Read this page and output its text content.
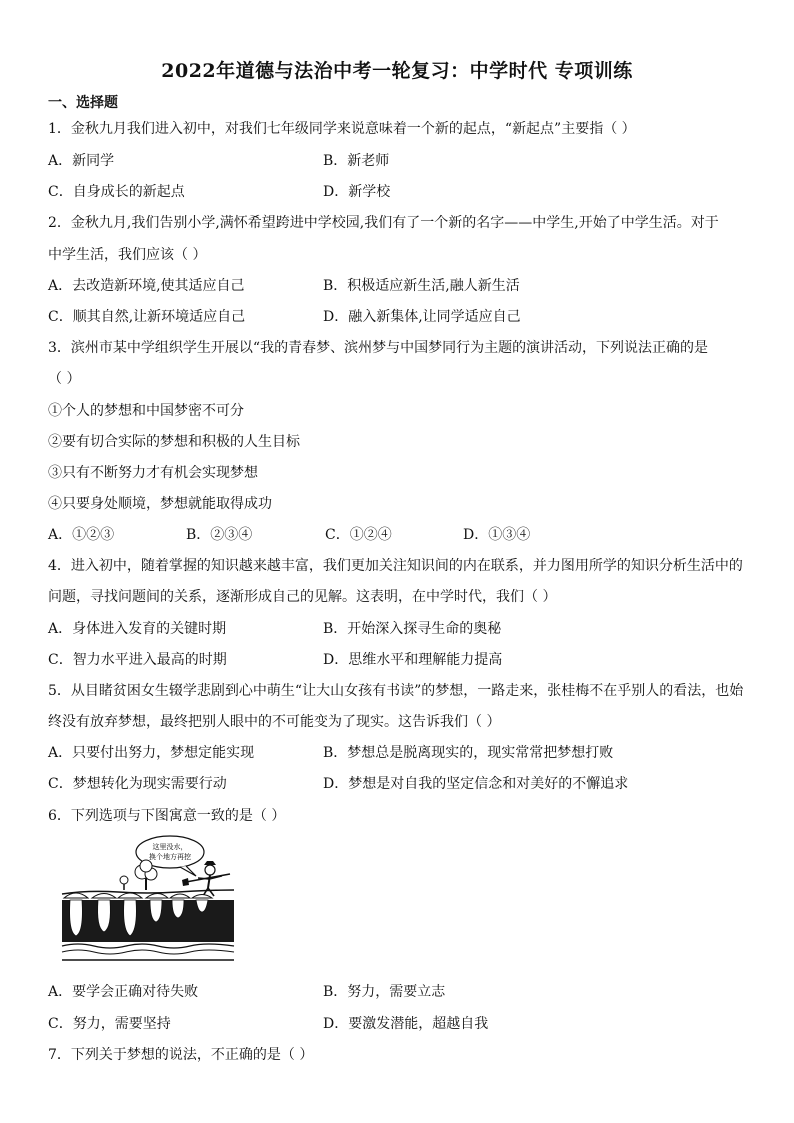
2022年道德与法治中考一轮复习：中学时代 专项训练
一、选择题
1．金秋九月我们进入初中，对我们七年级同学来说意味着一个新的起点，“新起点”主要指（ ）
A．新同学	B．新老师
C．自身成长的新起点	D．新学校
2．金秋九月,我们告别小学,满怀希望跨进中学校园,我们有了一个新的名字——中学生,开始了中学生活。对于
中学生活，我们应该（ ）
A．去改造新环境,使其适应自己	B．积极适应新生活,融人新生活
C．顺其自然,让新环境适应自己	D．融入新集体,让同学适应自己
3．滨州市某中学组织学生开展以“我的青春梦、滨州梦与中国梦同行为主题的演讲活动，下列说法正确的是
（ ）
①个人的梦想和中国梦密不可分
②要有切合实际的梦想和积极的人生目标
③只有不断努力才有机会实现梦想
④只要身处顺境，梦想就能取得成功
A．①②③	B．②③④	C．①②④	D．①③④
4．进入初中，随着掌握的知识越来越丰富，我们更加关注知识间的内在联系，并力图用所学的知识分析生活中的
问题，寻找问题间的关系，逐渐形成自己的见解。这表明，在中学时代，我们（ ）
A．身体进入发育的关键时期	B．开始深入探寻生命的奥秘
C．智力水平进入最高的时期	D．思维水平和理解能力提高
5．从目睹贫困女生辍学悲剧到心中萌生“让大山女孩有书读”的梦想，一路走来，张桂梅不在乎别人的看法，也始
终没有放弃梦想，最终把别人眼中的不可能变为了现实。这告诉我们（ ）
A．只要付出努力，梦想定能实现	B．梦想总是脱离现实的，现实常常把梦想打败
C．梦想转化为现实需要行动	D．梦想是对自我的坚定信念和对美好的不懈追求
6．下列选项与下图寓意一致的是（ ）
这里没水，
换个地方再挖
A．要学会正确对待失败	B．努力，需要立志
C．努力，需要坚持	D．要激发潜能，超越自我
7．下列关于梦想的说法，不正确的是（ ）
